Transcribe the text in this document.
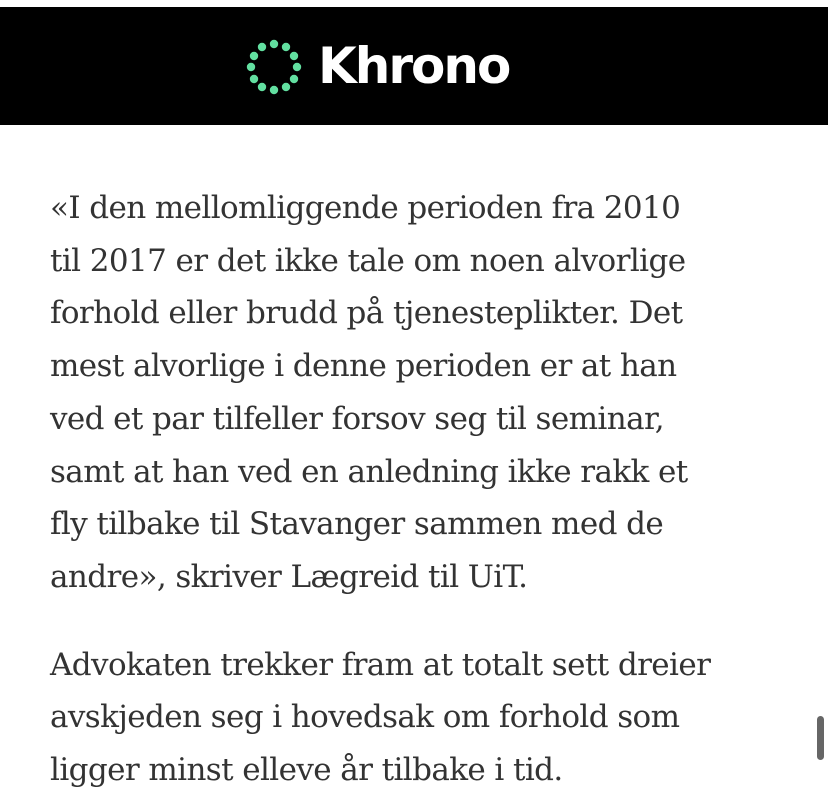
Khrono

«I den mellomliggende perioden fra 2010
til 2017 er det ikke tale om noen alvorlige
forhold eller brudd på tjenesteplikter. Det
mest alvorlige i denne perioden er at han
ved et par tilfeller forsov seg til seminar,
samt at han ved en anledning ikke rakk et
fly tilbake til Stavanger sammen med de
andre», skriver Lægreid til UiT.

Advokaten trekker fram at totalt sett dreier
avskjeden seg i hovedsak om forhold som
ligger minst elleve år tilbake i tid.
